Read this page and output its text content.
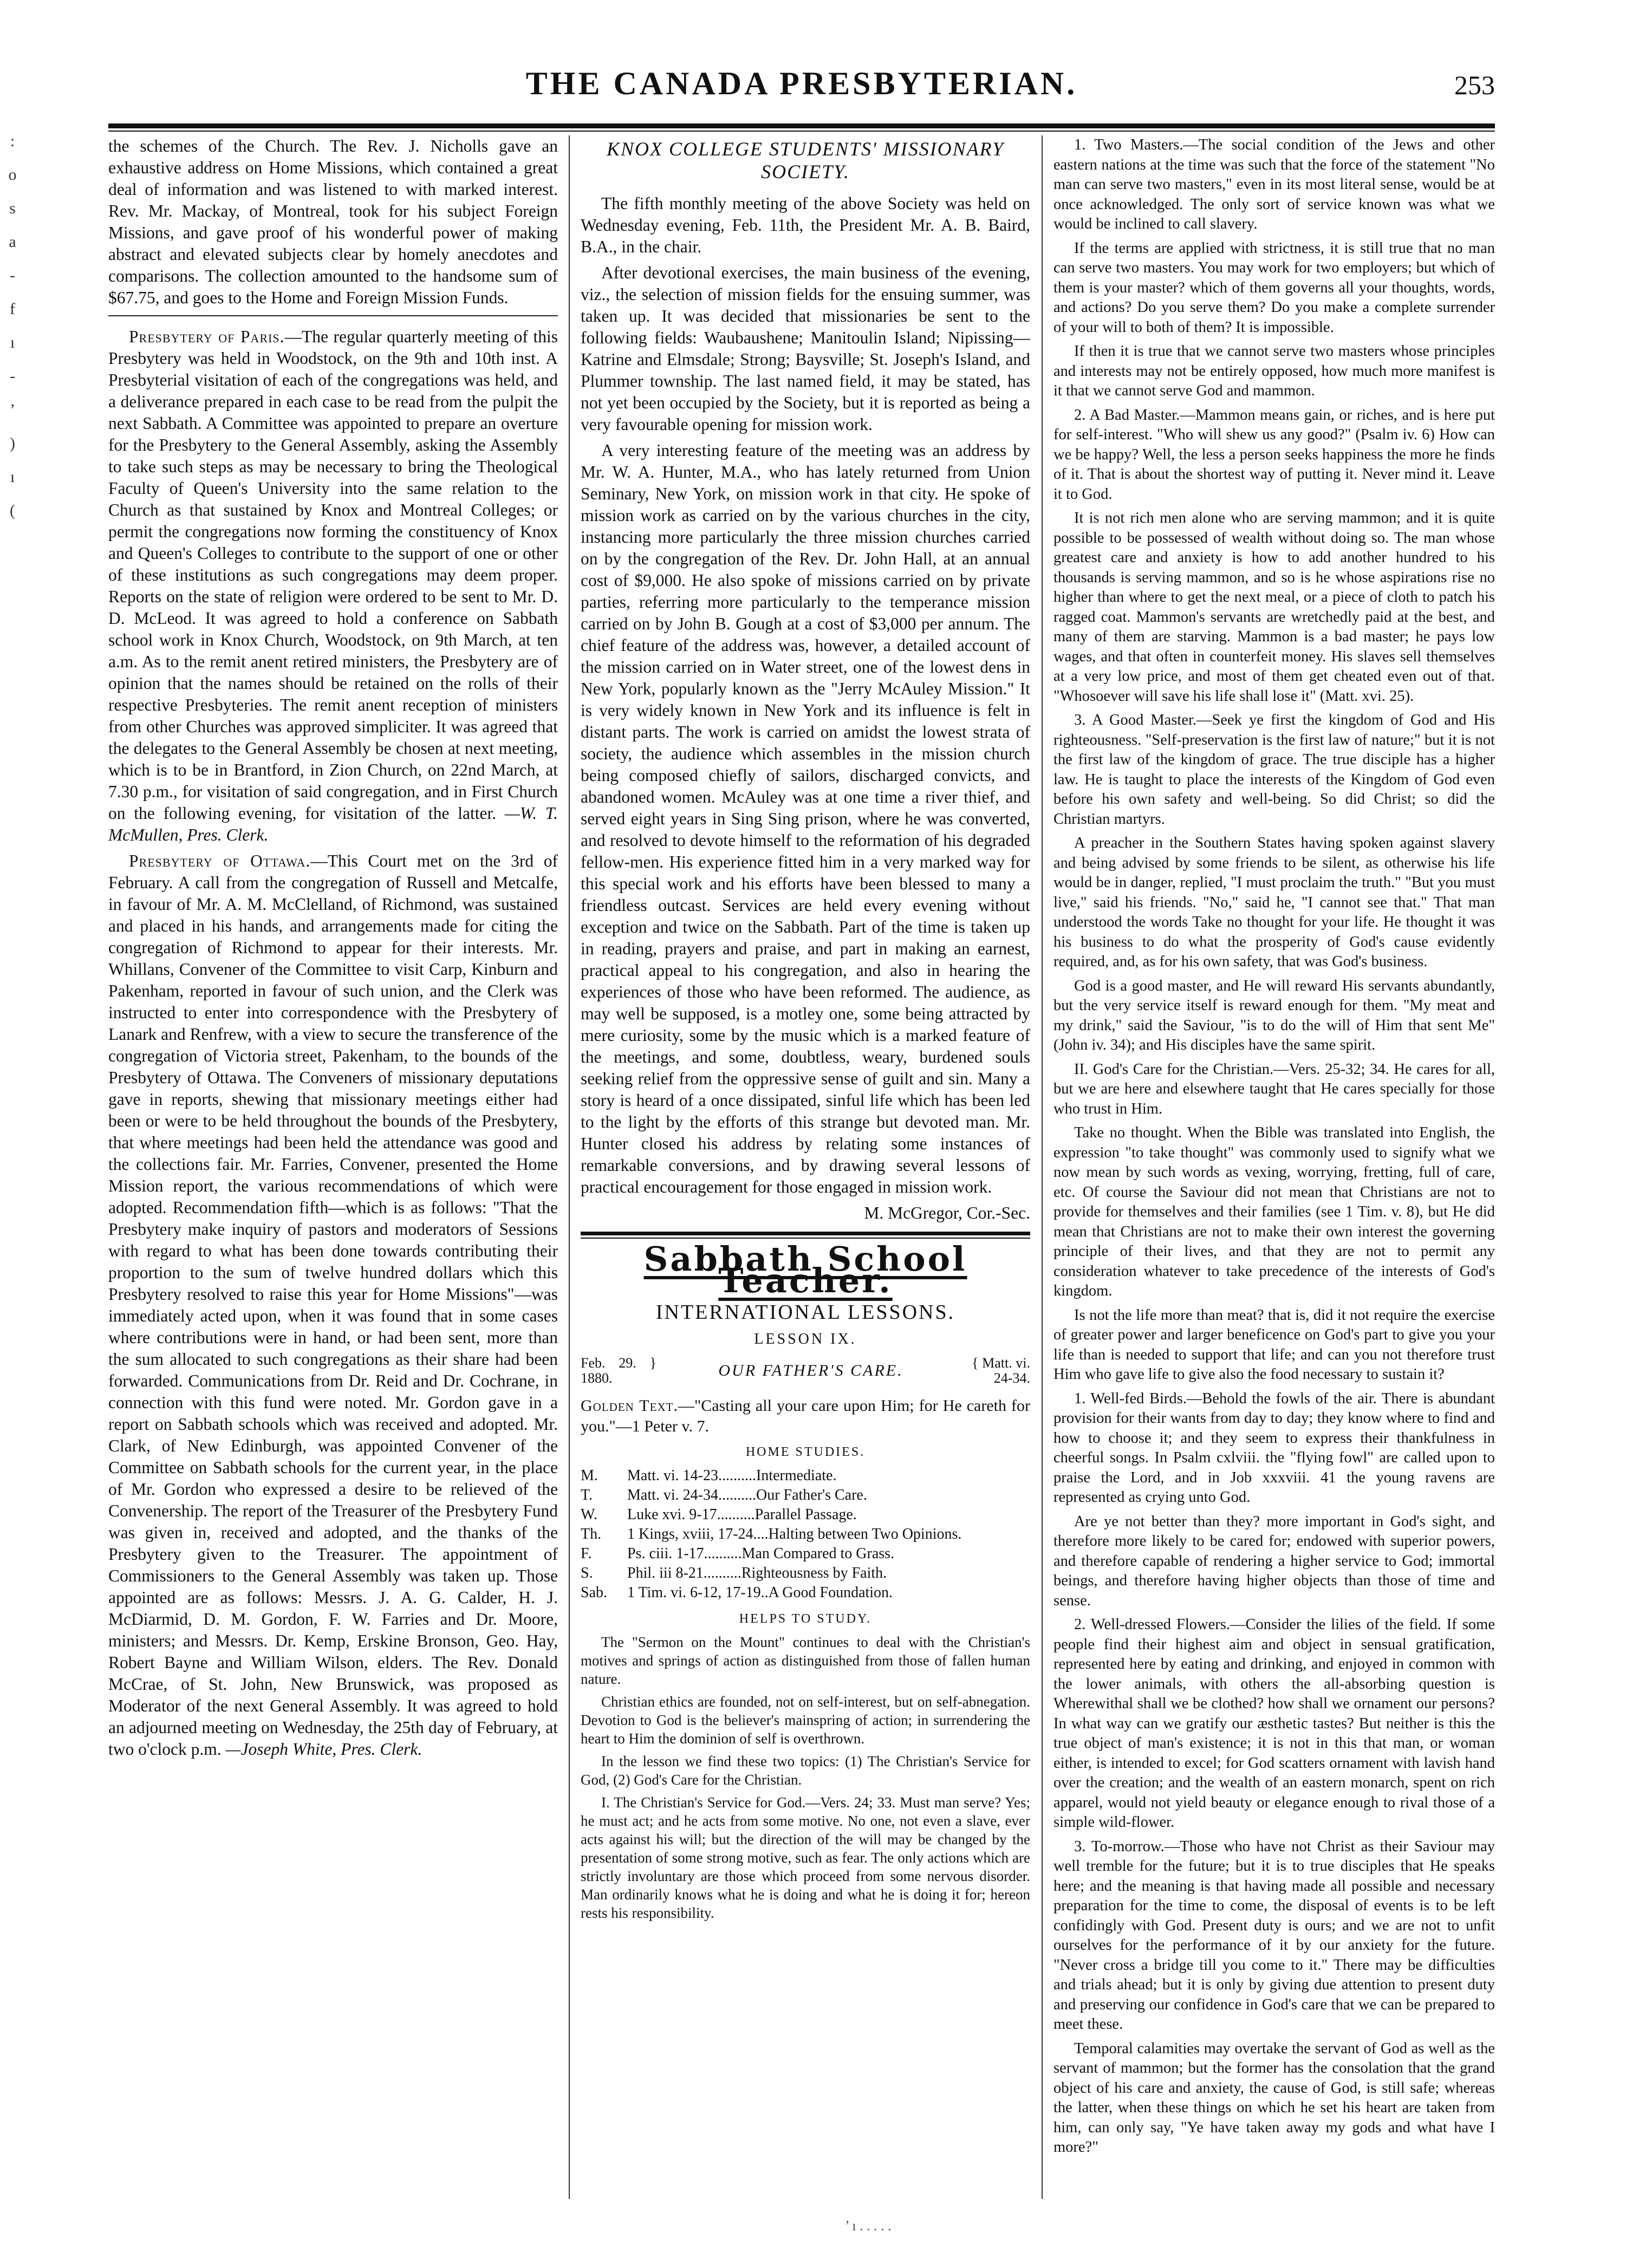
:
o
s
a
-
f
ı
-
’
)
ı
(
THE CANADA PRESBYTERIAN.	253

the schemes of the Church. The Rev. J. Nicholls gave an exhaustive address on Home Missions, which contained a great deal of information and was listened to with marked interest. Rev. Mr. Mackay, of Montreal, took for his subject Foreign Missions, and gave proof of his wonderful power of making abstract and elevated subjects clear by homely anecdotes and comparisons. The collection amounted to the handsome sum of $67.75, and goes to the Home and Foreign Mission Funds.

Presbytery of Paris.—The regular quarterly meeting of this Presbytery was held in Woodstock, on the 9th and 10th inst. A Presbyterial visitation of each of the congregations was held, and a deliverance prepared in each case to be read from the pulpit the next Sabbath. A Committee was appointed to prepare an overture for the Presbytery to the General Assembly, asking the Assembly to take such steps as may be necessary to bring the Theological Faculty of Queen's University into the same relation to the Church as that sustained by Knox and Montreal Colleges; or permit the congregations now forming the constituency of Knox and Queen's Colleges to contribute to the support of one or other of these institutions as such congregations may deem proper. Reports on the state of religion were ordered to be sent to Mr. D. D. McLeod. It was agreed to hold a conference on Sabbath school work in Knox Church, Woodstock, on 9th March, at ten a.m. As to the remit anent retired ministers, the Presbytery are of opinion that the names should be retained on the rolls of their respective Presbyteries. The remit anent reception of ministers from other Churches was approved simpliciter. It was agreed that the delegates to the General Assembly be chosen at next meeting, which is to be in Brantford, in Zion Church, on 22nd March, at 7.30 p.m., for visitation of said congregation, and in First Church on the following evening, for visitation of the latter. —W. T. McMullen, Pres. Clerk.

Presbytery of Ottawa.—This Court met on the 3rd of February. A call from the congregation of Russell and Metcalfe, in favour of Mr. A. M. McClelland, of Richmond, was sustained and placed in his hands, and arrangements made for citing the congregation of Richmond to appear for their interests. Mr. Whillans, Convener of the Committee to visit Carp, Kinburn and Pakenham, reported in favour of such union, and the Clerk was instructed to enter into correspondence with the Presbytery of Lanark and Renfrew, with a view to secure the transference of the congregation of Victoria street, Pakenham, to the bounds of the Presbytery of Ottawa. The Conveners of missionary deputations gave in reports, shewing that missionary meetings either had been or were to be held throughout the bounds of the Presbytery, that where meetings had been held the attendance was good and the collections fair. Mr. Farries, Convener, presented the Home Mission report, the various recommendations of which were adopted. Recommendation fifth—which is as follows: "That the Presbytery make inquiry of pastors and moderators of Sessions with regard to what has been done towards contributing their proportion to the sum of twelve hundred dollars which this Presbytery resolved to raise this year for Home Missions"—was immediately acted upon, when it was found that in some cases where contributions were in hand, or had been sent, more than the sum allocated to such congregations as their share had been forwarded. Communications from Dr. Reid and Dr. Cochrane, in connection with this fund were noted. Mr. Gordon gave in a report on Sabbath schools which was received and adopted. Mr. Clark, of New Edinburgh, was appointed Convener of the Committee on Sabbath schools for the current year, in the place of Mr. Gordon who expressed a desire to be relieved of the Convenership. The report of the Treasurer of the Presbytery Fund was given in, received and adopted, and the thanks of the Presbytery given to the Treasurer. The appointment of Commissioners to the General Assembly was taken up. Those appointed are as follows: Messrs. J. A. G. Calder, H. J. McDiarmid, D. M. Gordon, F. W. Farries and Dr. Moore, ministers; and Messrs. Dr. Kemp, Erskine Bronson, Geo. Hay, Robert Bayne and William Wilson, elders. The Rev. Donald McCrae, of St. John, New Brunswick, was proposed as Moderator of the next General Assembly. It was agreed to hold an adjourned meeting on Wednesday, the 25th day of February, at two o'clock p.m. —Joseph White, Pres. Clerk.

KNOX COLLEGE STUDENTS' MISSIONARY SOCIETY.

The fifth monthly meeting of the above Society was held on Wednesday evening, Feb. 11th, the President Mr. A. B. Baird, B.A., in the chair.

After devotional exercises, the main business of the evening, viz., the selection of mission fields for the ensuing summer, was taken up. It was decided that missionaries be sent to the following fields: Waubaushene; Manitoulin Island; Nipissing—Katrine and Elmsdale; Strong; Baysville; St. Joseph's Island, and Plummer township. The last named field, it may be stated, has not yet been occupied by the Society, but it is reported as being a very favourable opening for mission work.

A very interesting feature of the meeting was an address by Mr. W. A. Hunter, M.A., who has lately returned from Union Seminary, New York, on mission work in that city. He spoke of mission work as carried on by the various churches in the city, instancing more particularly the three mission churches carried on by the congregation of the Rev. Dr. John Hall, at an annual cost of $9,000. He also spoke of missions carried on by private parties, referring more particularly to the temperance mission carried on by John B. Gough at a cost of $3,000 per annum. The chief feature of the address was, however, a detailed account of the mission carried on in Water street, one of the lowest dens in New York, popularly known as the "Jerry McAuley Mission." It is very widely known in New York and its influence is felt in distant parts. The work is carried on amidst the lowest strata of society, the audience which assembles in the mission church being composed chiefly of sailors, discharged convicts, and abandoned women. McAuley was at one time a river thief, and served eight years in Sing Sing prison, where he was converted, and resolved to devote himself to the reformation of his degraded fellow-men. His experience fitted him in a very marked way for this special work and his efforts have been blessed to many a friendless outcast. Services are held every evening without exception and twice on the Sabbath. Part of the time is taken up in reading, prayers and praise, and part in making an earnest, practical appeal to his congregation, and also in hearing the experiences of those who have been reformed. The audience, as may well be supposed, is a motley one, some being attracted by mere curiosity, some by the music which is a marked feature of the meetings, and some, doubtless, weary, burdened souls seeking relief from the oppressive sense of guilt and sin. Many a story is heard of a once dissipated, sinful life which has been led to the light by the efforts of this strange but devoted man. Mr. Hunter closed his address by relating some instances of remarkable conversions, and by drawing several lessons of practical encouragement for those engaged in mission work.

M. McGregor, Cor.-Sec.
Sabbath School Teacher.
INTERNATIONAL LESSONS.
LESSON IX.
Feb. 29. } 1880.	OUR FATHER'S CARE.	{ Matt. vi. 24-34.

Golden Text.—"Casting all your care upon Him; for He careth for you."—1 Peter v. 7.

HOME STUDIES.
M.	Matt. vi. 14-23..........Intermediate.
T.	Matt. vi. 24-34..........Our Father's Care.
W.	Luke xvi. 9-17..........Parallel Passage.
Th.	1 Kings, xviii, 17-24....Halting between Two Opinions.
F.	Ps. ciii. 1-17..........Man Compared to Grass.
S.	Phil. iii 8-21..........Righteousness by Faith.
Sab.	1 Tim. vi. 6-12, 17-19..A Good Foundation.
HELPS TO STUDY.

The "Sermon on the Mount" continues to deal with the Christian's motives and springs of action as distinguished from those of fallen human nature.

Christian ethics are founded, not on self-interest, but on self-abnegation. Devotion to God is the believer's mainspring of action; in surrendering the heart to Him the dominion of self is overthrown.

In the lesson we find these two topics: (1) The Christian's Service for God, (2) God's Care for the Christian.

I. The Christian's Service for God.—Vers. 24; 33. Must man serve? Yes; he must act; and he acts from some motive. No one, not even a slave, ever acts against his will; but the direction of the will may be changed by the presentation of some strong motive, such as fear. The only actions which are strictly involuntary are those which proceed from some nervous disorder. Man ordinarily knows what he is doing and what he is doing it for; hereon rests his responsibility.

1. Two Masters.—The social condition of the Jews and other eastern nations at the time was such that the force of the statement "No man can serve two masters," even in its most literal sense, would be at once acknowledged. The only sort of service known was what we would be inclined to call slavery.

If the terms are applied with strictness, it is still true that no man can serve two masters. You may work for two employers; but which of them is your master? which of them governs all your thoughts, words, and actions? Do you serve them? Do you make a complete surrender of your will to both of them? It is impossible.

If then it is true that we cannot serve two masters whose principles and interests may not be entirely opposed, how much more manifest is it that we cannot serve God and mammon.

2. A Bad Master.—Mammon means gain, or riches, and is here put for self-interest. "Who will shew us any good?" (Psalm iv. 6) How can we be happy? Well, the less a person seeks happiness the more he finds of it. That is about the shortest way of putting it. Never mind it. Leave it to God.

It is not rich men alone who are serving mammon; and it is quite possible to be possessed of wealth without doing so. The man whose greatest care and anxiety is how to add another hundred to his thousands is serving mammon, and so is he whose aspirations rise no higher than where to get the next meal, or a piece of cloth to patch his ragged coat. Mammon's servants are wretchedly paid at the best, and many of them are starving. Mammon is a bad master; he pays low wages, and that often in counterfeit money. His slaves sell themselves at a very low price, and most of them get cheated even out of that. "Whosoever will save his life shall lose it" (Matt. xvi. 25).

3. A Good Master.—Seek ye first the kingdom of God and His righteousness. "Self-preservation is the first law of nature;" but it is not the first law of the kingdom of grace. The true disciple has a higher law. He is taught to place the interests of the Kingdom of God even before his own safety and well-being. So did Christ; so did the Christian martyrs.

A preacher in the Southern States having spoken against slavery and being advised by some friends to be silent, as otherwise his life would be in danger, replied, "I must proclaim the truth." "But you must live," said his friends. "No," said he, "I cannot see that." That man understood the words Take no thought for your life. He thought it was his business to do what the prosperity of God's cause evidently required, and, as for his own safety, that was God's business.

God is a good master, and He will reward His servants abundantly, but the very service itself is reward enough for them. "My meat and my drink," said the Saviour, "is to do the will of Him that sent Me" (John iv. 34); and His disciples have the same spirit.

II. God's Care for the Christian.—Vers. 25-32; 34. He cares for all, but we are here and elsewhere taught that He cares specially for those who trust in Him.

Take no thought. When the Bible was translated into English, the expression "to take thought" was commonly used to signify what we now mean by such words as vexing, worrying, fretting, full of care, etc. Of course the Saviour did not mean that Christians are not to provide for themselves and their families (see 1 Tim. v. 8), but He did mean that Christians are not to make their own interest the governing principle of their lives, and that they are not to permit any consideration whatever to take precedence of the interests of God's kingdom.

Is not the life more than meat? that is, did it not require the exercise of greater power and larger beneficence on God's part to give you your life than is needed to support that life; and can you not therefore trust Him who gave life to give also the food necessary to sustain it?

1. Well-fed Birds.—Behold the fowls of the air. There is abundant provision for their wants from day to day; they know where to find and how to choose it; and they seem to express their thankfulness in cheerful songs. In Psalm cxlviii. the "flying fowl" are called upon to praise the Lord, and in Job xxxviii. 41 the young ravens are represented as crying unto God.

Are ye not better than they? more important in God's sight, and therefore more likely to be cared for; endowed with superior powers, and therefore capable of rendering a higher service to God; immortal beings, and therefore having higher objects than those of time and sense.

2. Well-dressed Flowers.—Consider the lilies of the field. If some people find their highest aim and object in sensual gratification, represented here by eating and drinking, and enjoyed in common with the lower animals, with others the all-absorbing question is Wherewithal shall we be clothed? how shall we ornament our persons? In what way can we gratify our æsthetic tastes? But neither is this the true object of man's existence; it is not in this that man, or woman either, is intended to excel; for God scatters ornament with lavish hand over the creation; and the wealth of an eastern monarch, spent on rich apparel, would not yield beauty or elegance enough to rival those of a simple wild-flower.

3. To-morrow.—Those who have not Christ as their Saviour may well tremble for the future; but it is to true disciples that He speaks here; and the meaning is that having made all possible and necessary preparation for the time to come, the disposal of events is to be left confidingly with God. Present duty is ours; and we are not to unfit ourselves for the performance of it by our anxiety for the future. "Never cross a bridge till you come to it." There may be difficulties and trials ahead; but it is only by giving due attention to present duty and preserving our confidence in God's care that we can be prepared to meet these.

Temporal calamities may overtake the servant of God as well as the servant of mammon; but the former has the consolation that the grand object of his care and anxiety, the cause of God, is still safe; whereas the latter, when these things on which he set his heart are taken from him, can only say, "Ye have taken away my gods and what have I more?"

’ ı . . . . .
